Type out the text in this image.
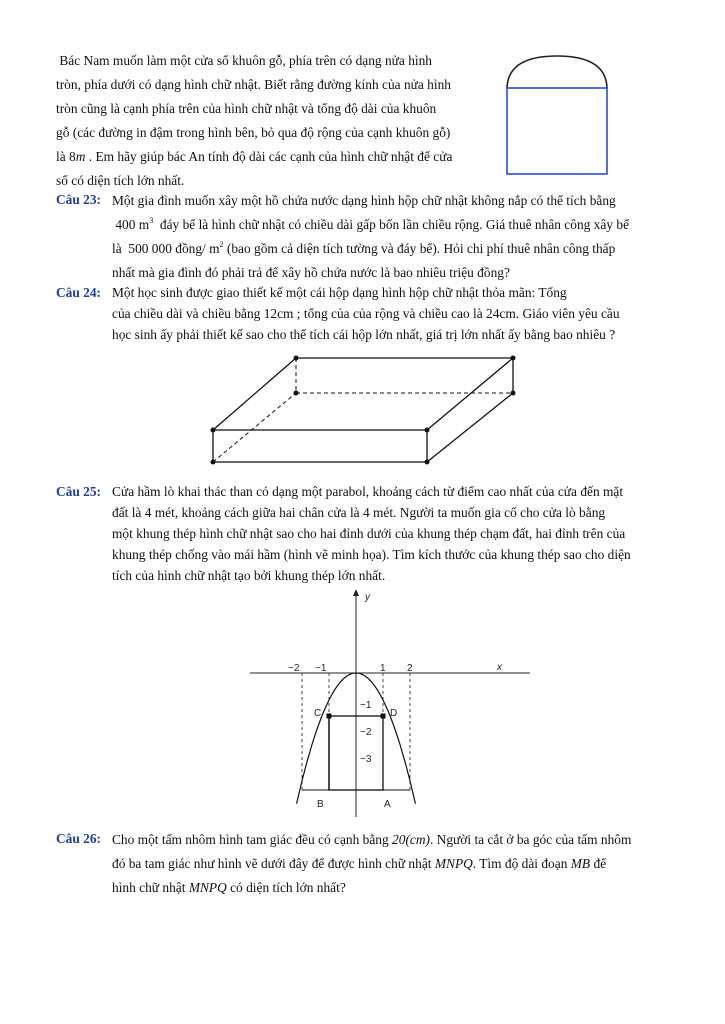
Bác Nam muốn làm một cửa sổ khuôn gỗ, phía trên có dạng nửa hình
tròn, phía dưới có dạng hình chữ nhật. Biết rằng đường kính của nửa hình
tròn cũng là cạnh phía trên của hình chữ nhật và tổng độ dài của khuôn
gỗ (các đường in đậm trong hình bên, bỏ qua độ rộng của cạnh khuôn gỗ)
là 8m . Em hãy giúp bác An tính độ dài các cạnh của hình chữ nhật để cửa
sổ có diện tích lớn nhất.
Câu 23: Một gia đình muốn xây một hồ chứa nước dạng hình hộp chữ nhật không nắp có thể tích bằng
400 $m^3$ đáy bể là hình chữ nhật có chiều dài gấp bốn lần chiều rộng. Giá thuê nhân công xây bể
là 500 000 đồng/ $m^2$ (bao gồm cả diện tích tường và đáy bể). Hỏi chi phí thuê nhân công thấp
nhất mà gia đình đó phải trả để xây hồ chứa nước là bao nhiêu triệu đồng?
Câu 24: Một học sinh được giao thiết kế một cái hộp dạng hình hộp chữ nhật thỏa mãn: Tổng
của chiều dài và chiều bằng 12cm ; tổng của của rộng và chiều cao là 24cm. Giáo viên yêu cầu
học sinh ấy phải thiết kế sao cho thể tích cái hộp lớn nhất, giá trị lớn nhất ấy bằng bao nhiêu ?
Câu 25: Cửa hầm lò khai thác than có dạng một parabol, khoảng cách từ điểm cao nhất của cửa đến mặt
đất là 4 mét, khoảng cách giữa hai chân cửa là 4 mét. Người ta muốn gia cố cho cửa lò bằng
một khung thép hình chữ nhật sao cho hai đỉnh dưới của khung thép chạm đất, hai đỉnh trên của
khung thép chống vào mái hầm (hình vẽ minh họa). Tìm kích thước của khung thép sao cho diện
tích của hình chữ nhật tạo bởi khung thép lớn nhất.
−2 −1	1 2
−1
−2
−3
y
x
C	D
B	A
Câu 26: Cho một tấm nhôm hình tam giác đều có cạnh bằng 20(cm). Người ta cắt ở ba góc của tấm nhôm
đó ba tam giác như hình vẽ dưới đây để được hình chữ nhật MNPQ. Tìm độ dài đoạn MB để
hình chữ nhật MNPQ có diện tích lớn nhất?
